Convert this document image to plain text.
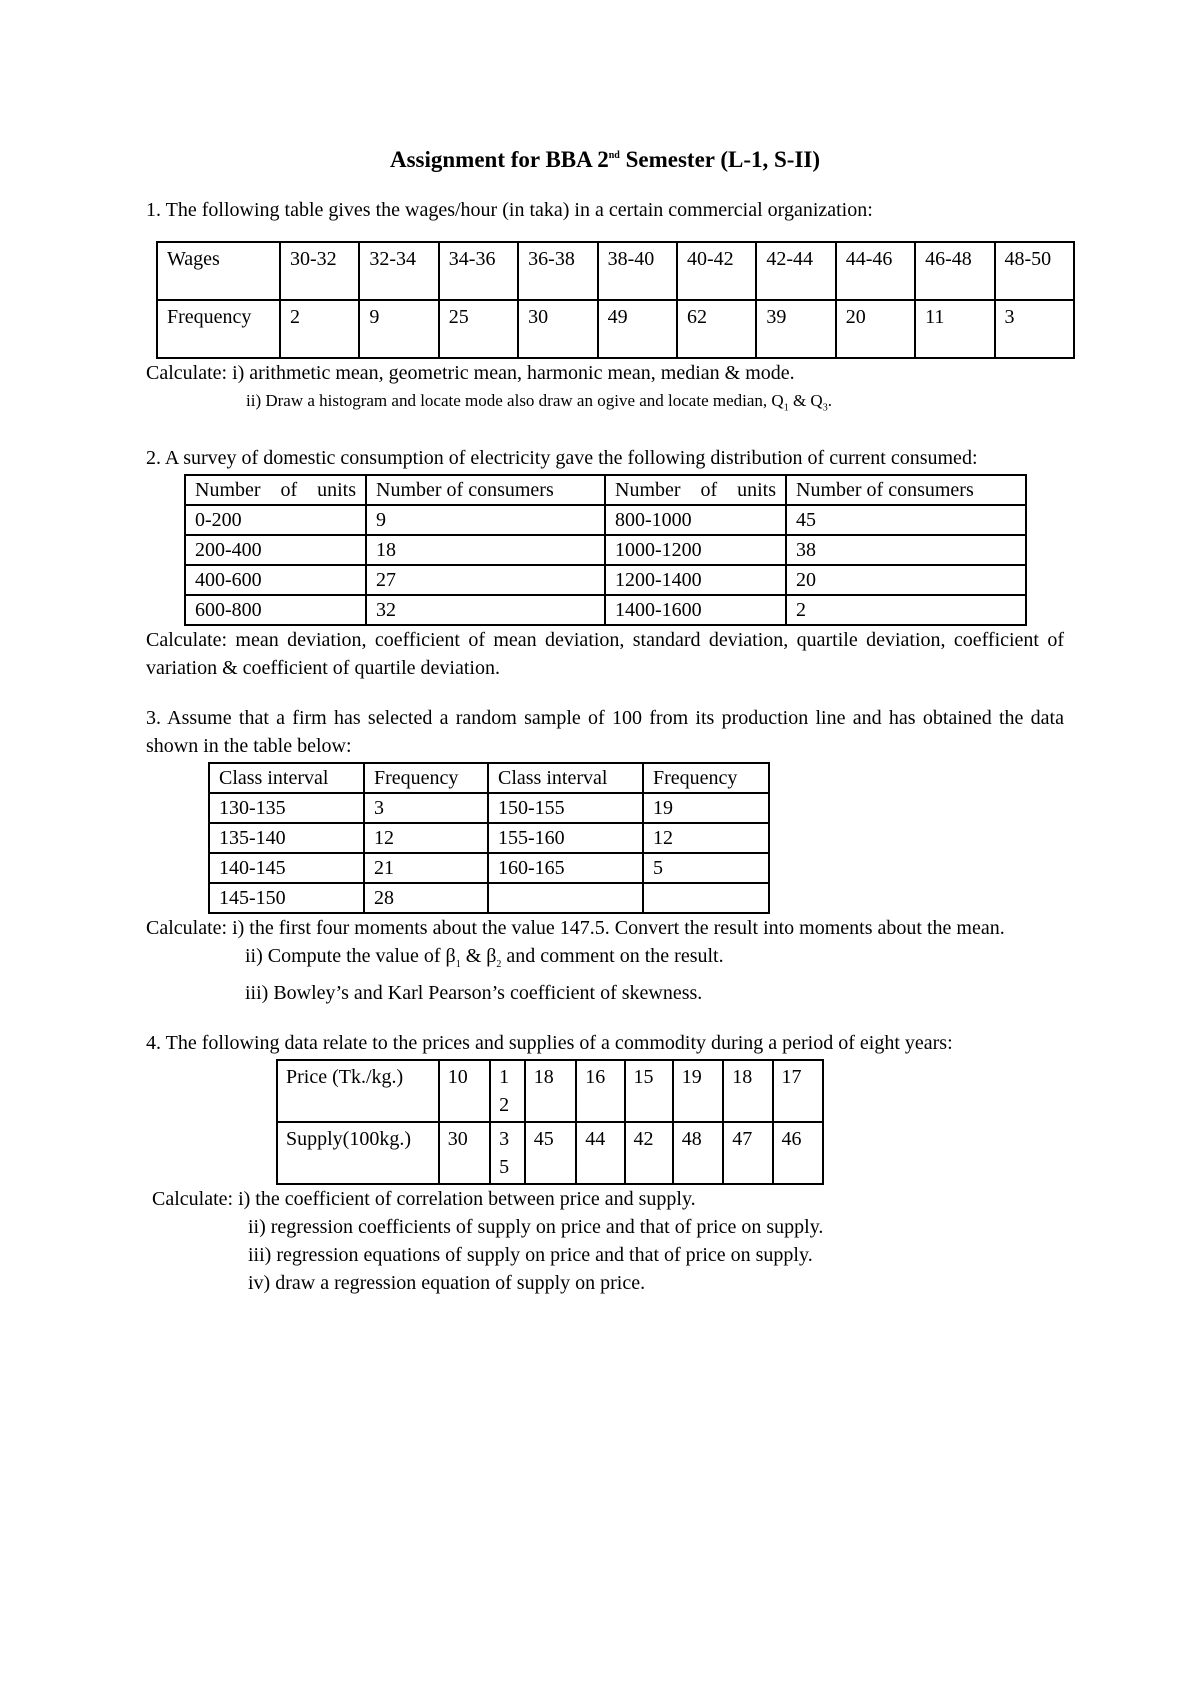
Assignment for BBA 2nd Semester (L-1, S-II)

1. The following table gives the wages/hour (in taka) in a certain commercial organization:

Wages	30-32	32-34	34-36	36-38	38-40	40-42	42-44	44-46	46-48	48-50
Frequency	2	9	25	30	49	62	39	20	11	3

Calculate: i) arithmetic mean, geometric mean, harmonic mean, median & mode.

ii) Draw a histogram and locate mode also draw an ogive and locate median, $Q_1$ & $Q_3$.

2. A survey of domestic consumption of electricity gave the following distribution of current consumed:

Number of units	Number of consumers	Number of units	Number of consumers
0-200	9	800-1000	45
200-400	18	1000-1200	38
400-600	27	1200-1400	20
600-800	32	1400-1600	2

Calculate: mean deviation, coefficient of mean deviation, standard deviation, quartile deviation, coefficient of variation & coefficient of quartile deviation.

3. Assume that a firm has selected a random sample of 100 from its production line and has obtained the data shown in the table below:

Class interval	Frequency	Class interval	Frequency
130-135	3	150-155	19
135-140	12	155-160	12
140-145	21	160-165	5
145-150	28		

Calculate: i) the first four moments about the value 147.5. Convert the result into moments about the mean.

ii) Compute the value of $\beta_1$ & $\beta_2$ and comment on the result.

iii) Bowley’s and Karl Pearson’s coefficient of skewness.

4. The following data relate to the prices and supplies of a commodity during a period of eight years:

Price (Tk./kg.)	10	12	18	16	15	19	18	17
Supply(100kg.)	30	35	45	44	42	48	47	46

Calculate: i) the coefficient of correlation between price and supply.

ii) regression coefficients of supply on price and that of price on supply.

iii) regression equations of supply on price and that of price on supply.

iv) draw a regression equation of supply on price.
